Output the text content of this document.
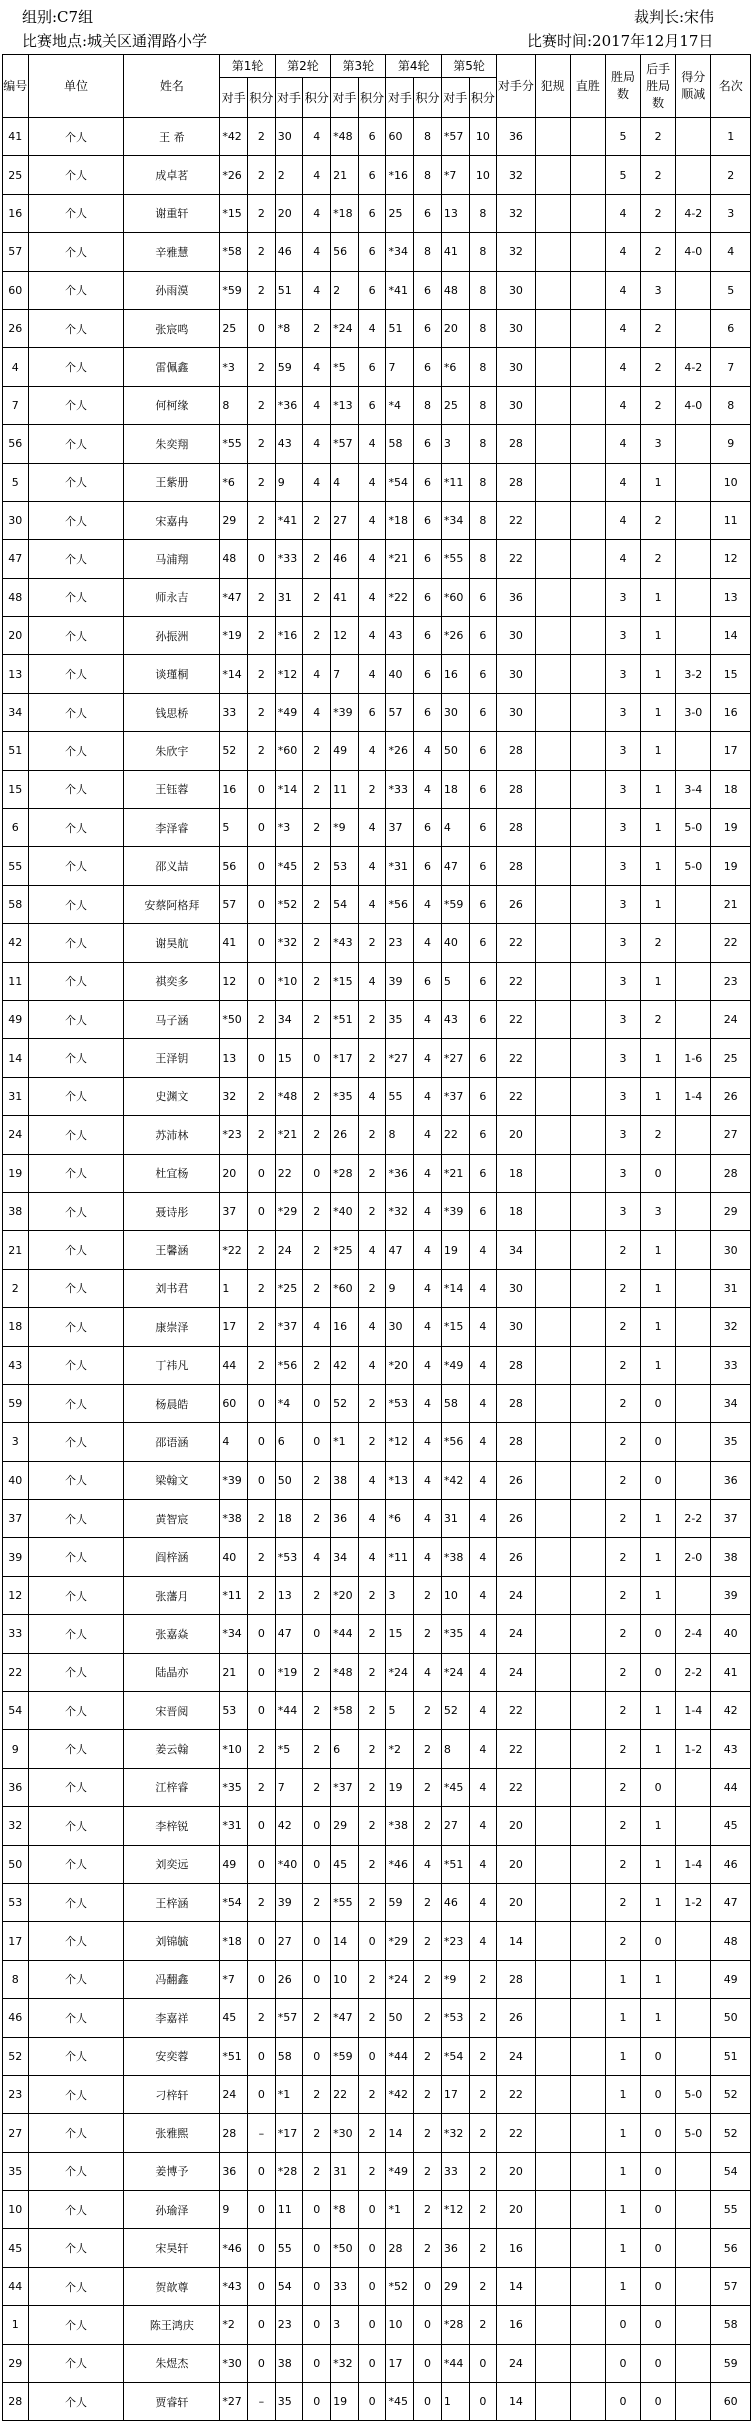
组别:C7组
比赛地点:城关区通渭路小学
裁判长:宋伟
比赛时间:2017年12月17日
编号	单位	姓名	第1轮		第2轮		第3轮		第4轮		第5轮		对手分	犯规	直胜	胜局数	后手胜局数	得分顺减	名次
			对手	积分	对手	积分	对手	积分	对手	积分	对手	积分							
41	个人	王 希	*42	2	30	4	*48	6	60	8	*57	10	36			5	2		1
25	个人	成卓茗	*26	2	2	4	21	6	*16	8	*7	10	32			5	2		2
16	个人	谢重轩	*15	2	20	4	*18	6	25	6	13	8	32			4	2	4-2	3
57	个人	辛雅慧	*58	2	46	4	56	6	*34	8	41	8	32			4	2	4-0	4
60	个人	孙雨漠	*59	2	51	4	2	6	*41	6	48	8	30			4	3		5
26	个人	张宸鸣	25	0	*8	2	*24	4	51	6	20	8	30			4	2		6
4	个人	雷佩鑫	*3	2	59	4	*5	6	7	6	*6	8	30			4	2	4-2	7
7	个人	何柯缘	8	2	*36	4	*13	6	*4	8	25	8	30			4	2	4-0	8
56	个人	朱奕翔	*55	2	43	4	*57	4	58	6	3	8	28			4	3		9
5	个人	王紫册	*6	2	9	4	4	4	*54	6	*11	8	28			4	1		10
30	个人	宋嘉冉	29	2	*41	2	27	4	*18	6	*34	8	22			4	2		11
47	个人	马浦翔	48	0	*33	2	46	4	*21	6	*55	8	22			4	2		12
48	个人	师永吉	*47	2	31	2	41	4	*22	6	*60	6	36			3	1		13
20	个人	孙振洲	*19	2	*16	2	12	4	43	6	*26	6	30			3	1		14
13	个人	谈瑾桐	*14	2	*12	4	7	4	40	6	16	6	30			3	1	3-2	15
34	个人	钱思桥	33	2	*49	4	*39	6	57	6	30	6	30			3	1	3-0	16
51	个人	朱欣宇	52	2	*60	2	49	4	*26	4	50	6	28			3	1		17
15	个人	王钰蓉	16	0	*14	2	11	2	*33	4	18	6	28			3	1	3-4	18
6	个人	李泽睿	5	0	*3	2	*9	4	37	6	4	6	28			3	1	5-0	19
55	个人	邵义喆	56	0	*45	2	53	4	*31	6	47	6	28			3	1	5-0	19
58	个人	安蔡阿格拜	57	0	*52	2	54	4	*56	4	*59	6	26			3	1		21
42	个人	谢昊航	41	0	*32	2	*43	2	23	4	40	6	22			3	2		22
11	个人	祺奕多	12	0	*10	2	*15	4	39	6	5	6	22			3	1		23
49	个人	马子涵	*50	2	34	2	*51	2	35	4	43	6	22			3	2		24
14	个人	王泽钥	13	0	15	0	*17	2	*27	4	*27	6	22			3	1	1-6	25
31	个人	史渊文	32	2	*48	2	*35	4	55	4	*37	6	22			3	1	1-4	26
24	个人	苏沛林	*23	2	*21	2	26	2	8	4	22	6	20			3	2		27
19	个人	杜宜杨	20	0	22	0	*28	2	*36	4	*21	6	18			3	0		28
38	个人	聂诗彤	37	0	*29	2	*40	2	*32	4	*39	6	18			3	3		29
21	个人	王馨涵	*22	2	24	2	*25	4	47	4	19	4	34			2	1		30
2	个人	刘书君	1	2	*25	2	*60	2	9	4	*14	4	30			2	1		31
18	个人	康崇泽	17	2	*37	4	16	4	30	4	*15	4	30			2	1		32
43	个人	丁祎凡	44	2	*56	2	42	4	*20	4	*49	4	28			2	1		33
59	个人	杨晨皓	60	0	*4	0	52	2	*53	4	58	4	28			2	0		34
3	个人	邵语涵	4	0	6	0	*1	2	*12	4	*56	4	28			2	0		35
40	个人	梁翰文	*39	0	50	2	38	4	*13	4	*42	4	26			2	0		36
37	个人	黄智宸	*38	2	18	2	36	4	*6	4	31	4	26			2	1	2-2	37
39	个人	阎梓涵	40	2	*53	4	34	4	*11	4	*38	4	26			2	1	2-0	38
12	个人	张藩月	*11	2	13	2	*20	2	3	2	10	4	24			2	1		39
33	个人	张嘉焱	*34	0	47	0	*44	2	15	2	*35	4	24			2	0	2-4	40
22	个人	陆晶亦	21	0	*19	2	*48	2	*24	4	*24	4	24			2	0	2-2	41
54	个人	宋晋阅	53	0	*44	2	*58	2	5	2	52	4	22			2	1	1-4	42
9	个人	姜云翰	*10	2	*5	2	6	2	*2	2	8	4	22			2	1	1-2	43
36	个人	江梓睿	*35	2	7	2	*37	2	19	2	*45	4	22			2	0		44
32	个人	李梓锐	*31	0	42	0	29	2	*38	2	27	4	20			2	1		45
50	个人	刘奕远	49	0	*40	0	45	2	*46	4	*51	4	20			2	1	1-4	46
53	个人	王梓涵	*54	2	39	2	*55	2	59	2	46	4	20			2	1	1-2	47
17	个人	刘锦毓	*18	0	27	0	14	0	*29	2	*23	4	14			2	0		48
8	个人	冯翻鑫	*7	0	26	0	10	2	*24	2	*9	2	28			1	1		49
46	个人	李嘉祥	45	2	*57	2	*47	2	50	2	*53	2	26			1	1		50
52	个人	安奕蓉	*51	0	58	0	*59	0	*44	2	*54	2	24			1	0		51
23	个人	刁梓轩	24	0	*1	2	22	2	*42	2	17	2	22			1	0	5-0	52
27	个人	张雅熙	28	–	*17	2	*30	2	14	2	*32	2	22			1	0	5-0	52
35	个人	姜博予	36	0	*28	2	31	2	*49	2	33	2	20			1	0		54
10	个人	孙瑜泽	9	0	11	0	*8	0	*1	2	*12	2	20			1	0		55
45	个人	宋昊轩	*46	0	55	0	*50	0	28	2	36	2	16			1	0		56
44	个人	贺歆尊	*43	0	54	0	33	0	*52	0	29	2	14			1	0		57
1	个人	陈王鸿庆	*2	0	23	0	3	0	10	0	*28	2	16			0	0		58
29	个人	朱煜杰	*30	0	38	0	*32	0	17	0	*44	0	24			0	0		59
28	个人	贾睿轩	*27	–	35	0	19	0	*45	0	1	0	14			0	0		60
